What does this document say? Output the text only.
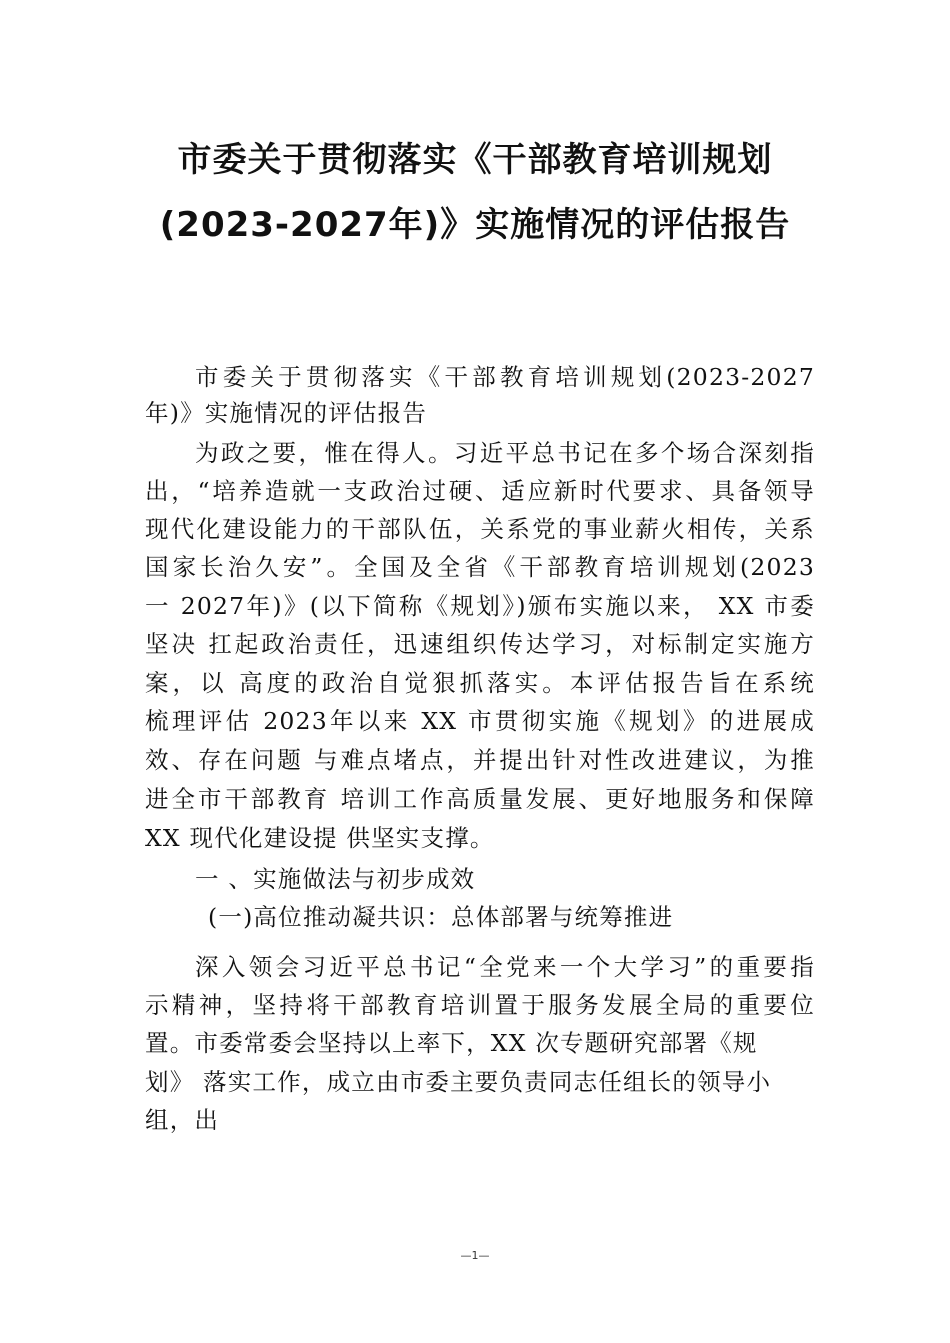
市委关于贯彻落实《干部教育培训规划
(2023-2027年)》实施情况的评估报告
市委关于贯彻落实《干部教育培训规划(2023-2027
年)》实施情况的评估报告
为政之要，惟在得人。习近平总书记在多个场合深刻指
出，“培养造就一支政治过硬、适应新时代要求、具备领导
现代化建设能力的干部队伍，关系党的事业薪火相传，关系
国家长治久安”。全国及全省《干部教育培训规划(2023
一 2027年)》(以下简称《规划》)颁布实施以来， XX 市委
坚决 扛起政治责任，迅速组织传达学习，对标制定实施方
案，以 高度的政治自觉狠抓落实。本评估报告旨在系统
梳理评估 2023年以来 XX 市贯彻实施《规划》的进展成
效、存在问题 与难点堵点，并提出针对性改进建议，为推
进全市干部教育 培训工作高质量发展、更好地服务和保障
XX 现代化建设提 供坚实支撑。
一 、实施做法与初步成效
(一)高位推动凝共识：总体部署与统筹推进
深入领会习近平总书记“全党来一个大学习”的重要指
示精神，坚持将干部教育培训置于服务发展全局的重要位
置。市委常委会坚持以上率下，XX 次专题研究部署《规
划》 落实工作，成立由市委主要负责同志任组长的领导小
组，出
—1—
